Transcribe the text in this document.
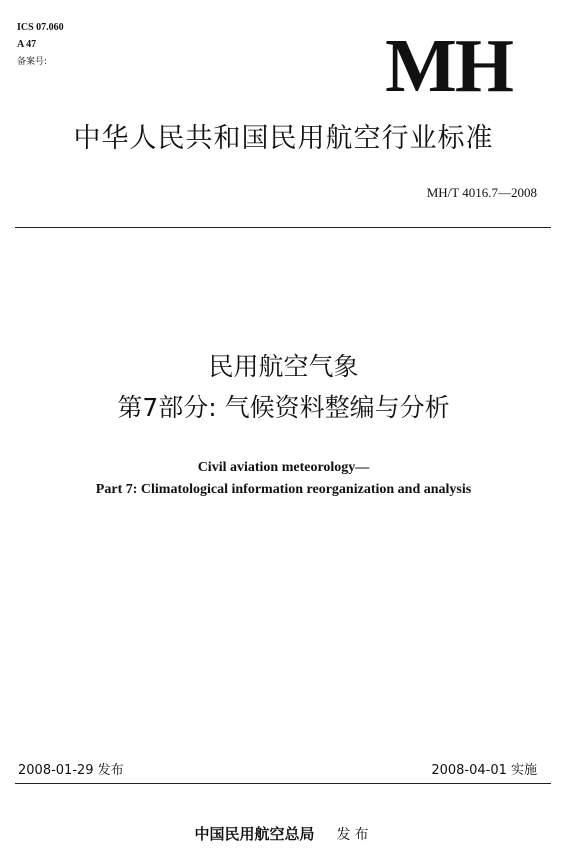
ICS 07.060
A 47
备案号:	MH
中华人民共和国民用航空行业标准
MH/T 4016.7—2008
民用航空气象
第7部分: 气候资料整编与分析
Civil aviation meteorology—
Part 7: Climatological information reorganization and analysis
2008-01-29 发布	2008-04-01 实施
中国民用航空总局 发布
